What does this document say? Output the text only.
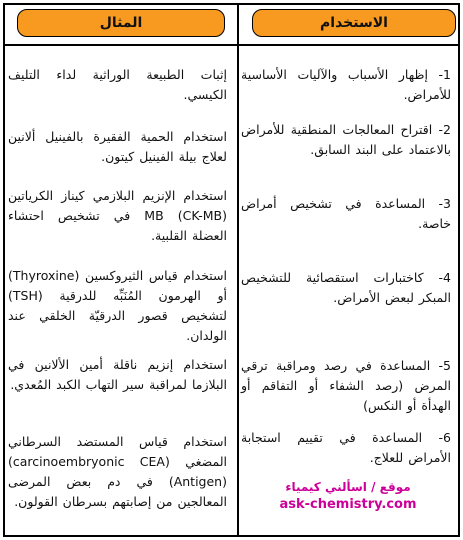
الاستخدام
المثال
1- إظهار الأسباب والآليات الأساسية للأمراض.
2- اقتراح المعالجات المنطقية للأمراض بالاعتماد على البند السابق.
3- المساعدة في تشخيص أمراض خاصة.
4- كاختبارات استقصائية للتشخيص المبكر لبعض الأمراض.
5- المساعدة في رصد ومراقبة ترقي المرض (رصد الشفاء أو التفاقم أو الهدأة أو النكس)
6- المساعدة في تقييم استجابة الأمراض للعلاج.
إثبات الطبيعة الوراثية لداء التليف الكيسي.
استخدام الحمية الفقيرة بالفينيل ألانين لعلاج بيلة الفينيل كيتون.
استخدام الإنزيم البلازمي كيناز الكرياتين MB (CK-MB) في تشخيص احتشاء العضلة القلبية.
استخدام قياس الثيروكسين (Thyroxine) أو الهرمون المُنَبِّه للدرقية (TSH) لتشخيص قصور الدرقيّة الخلقي عند الولدان.
استخدام إنزيم ناقلة أمين الألانين في البلازما لمراقبة سير التهاب الكبد المُعدي.
استخدام قياس المستضد السرطاني المضغي (carcinoembryonic CEA) (Antigen) في دم بعض المرضى المعالجين من إصابتهم بسرطان القولون.
موقع / اسألني كيمياء
ask-chemistry.com
